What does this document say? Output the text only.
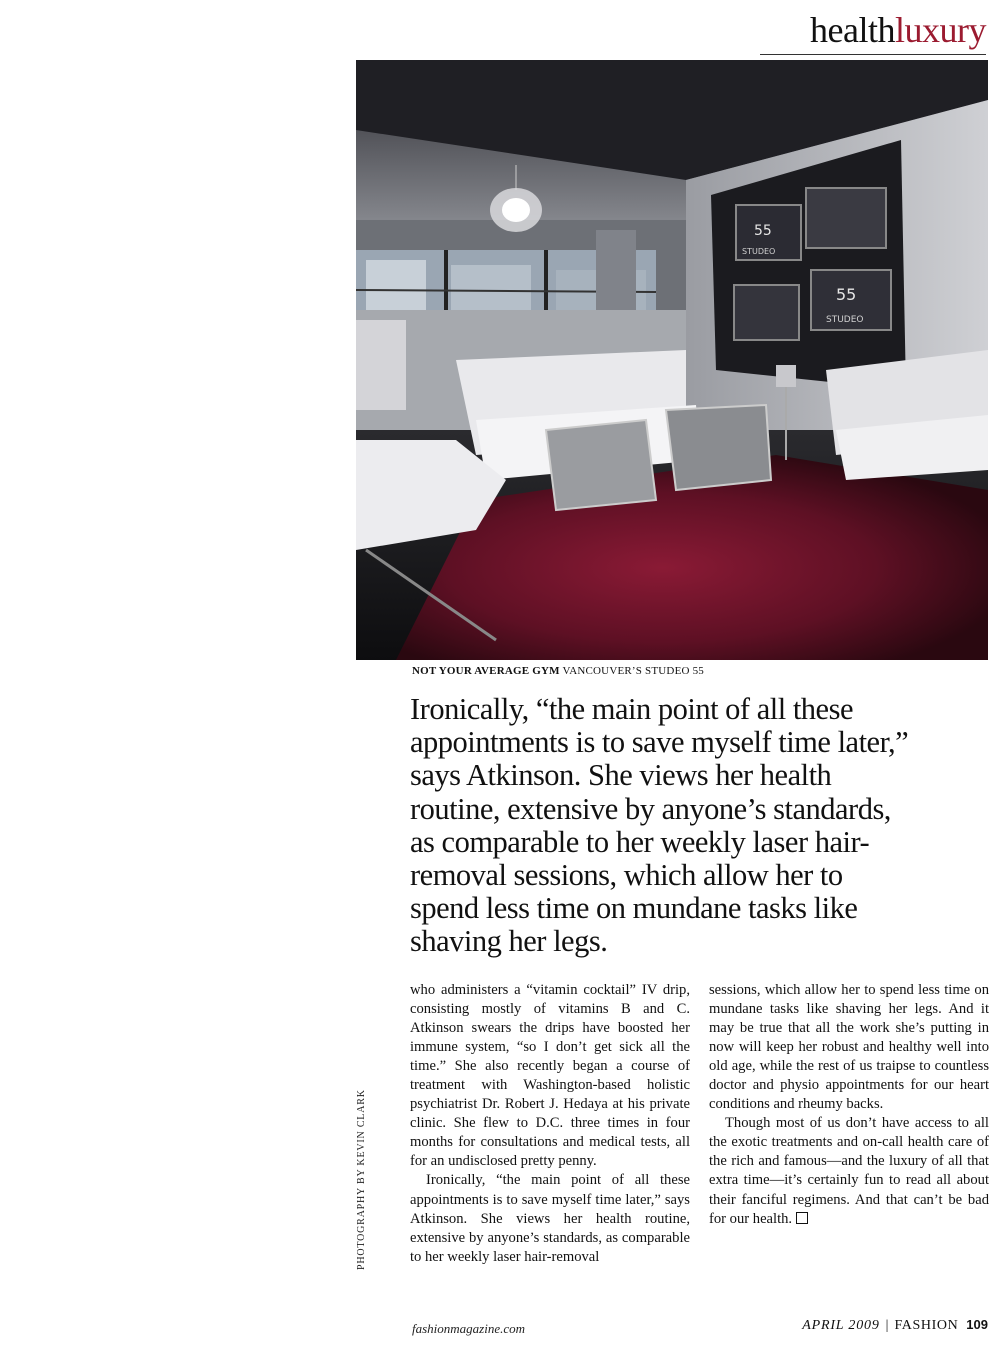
healthluxury
55
STUDEO
55
STUDEO
NOT YOUR AVERAGE GYM VANCOUVER’S STUDEO 55

Ironically, “the main point of all these appointments is to save myself time later,” says Atkinson. She views her health routine, extensive by anyone’s standards, as comparable to her weekly laser hair-removal sessions, which allow her to spend less time on mundane tasks like shaving her legs.

who administers a “vitamin cocktail” IV drip, consisting mostly of vitamins B and C. Atkinson swears the drips have boosted her immune system, “so I don’t get sick all the time.” She also recently began a course of treatment with Washington-based holistic psychiatrist Dr. Robert J. Hedaya at his private clinic. She flew to D.C. three times in four months for consultations and medical tests, all for an undisclosed pretty penny.

Ironically, “the main point of all these appointments is to save myself time later,” says Atkinson. She views her health routine, extensive by anyone’s standards, as comparable to her weekly laser hair-removal

sessions, which allow her to spend less time on mundane tasks like shaving her legs. And it may be true that all the work she’s putting in now will keep her robust and healthy well into old age, while the rest of us traipse to countless doctor and physio appointments for our heart conditions and rheumy backs.

Though most of us don’t have access to all the exotic treatments and on-call health care of the rich and famous—and the luxury of all that extra time—it’s certainly fun to read all about their fanciful regimens. And that can’t be bad for our health.

PHOTOGRAPHY BY KEVIN CLARK
fashionmagazine.com	APRIL 2009 | FASHION 109
